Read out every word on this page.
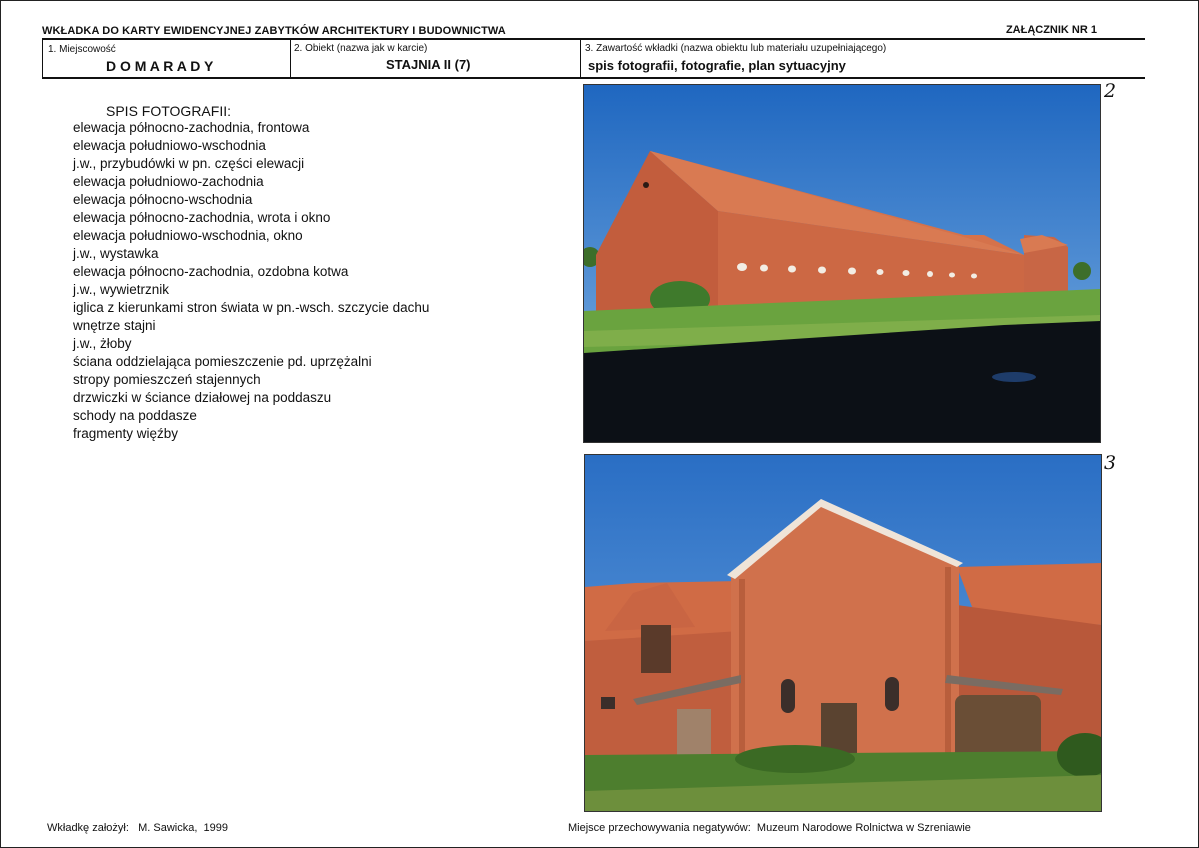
WKŁADKA DO KARTY EWIDENCYJNEJ ZABYTKÓW ARCHITEKTURY I BUDOWNICTWA	ZAŁĄCZNIK NR 1
1. Miejscowość
D O M A R A D Y
2. Obiekt (nazwa jak w karcie)
STAJNIA II (7)
3. Zawartość wkładki (nazwa obiektu lub materiału uzupełniającego)
spis fotografii, fotografie, plan sytuacyjny
SPIS FOTOGRAFII:
elewacja północno-zachodnia, frontowa
elewacja południowo-wschodnia
j.w., przybudówki w pn. części elewacji
elewacja południowo-zachodnia
elewacja północno-wschodnia
elewacja północno-zachodnia, wrota i okno
elewacja południowo-wschodnia, okno
j.w., wystawka
elewacja północno-zachodnia, ozdobna kotwa
j.w., wywietrznik
iglica z kierunkami stron świata w pn.-wsch. szczycie dachu
wnętrze stajni
j.w., żłoby
ściana oddzielająca pomieszczenie pd. uprzężalni
stropy pomieszczeń stajennych
drzwiczki w ściance działowej na poddaszu
schody na poddasze
fragmenty więźby
2
3
Wkładkę założył:   M. Sawicka,  1999	Miejsce przechowywania negatywów:  Muzeum Narodowe Rolnictwa w Szreniawie
